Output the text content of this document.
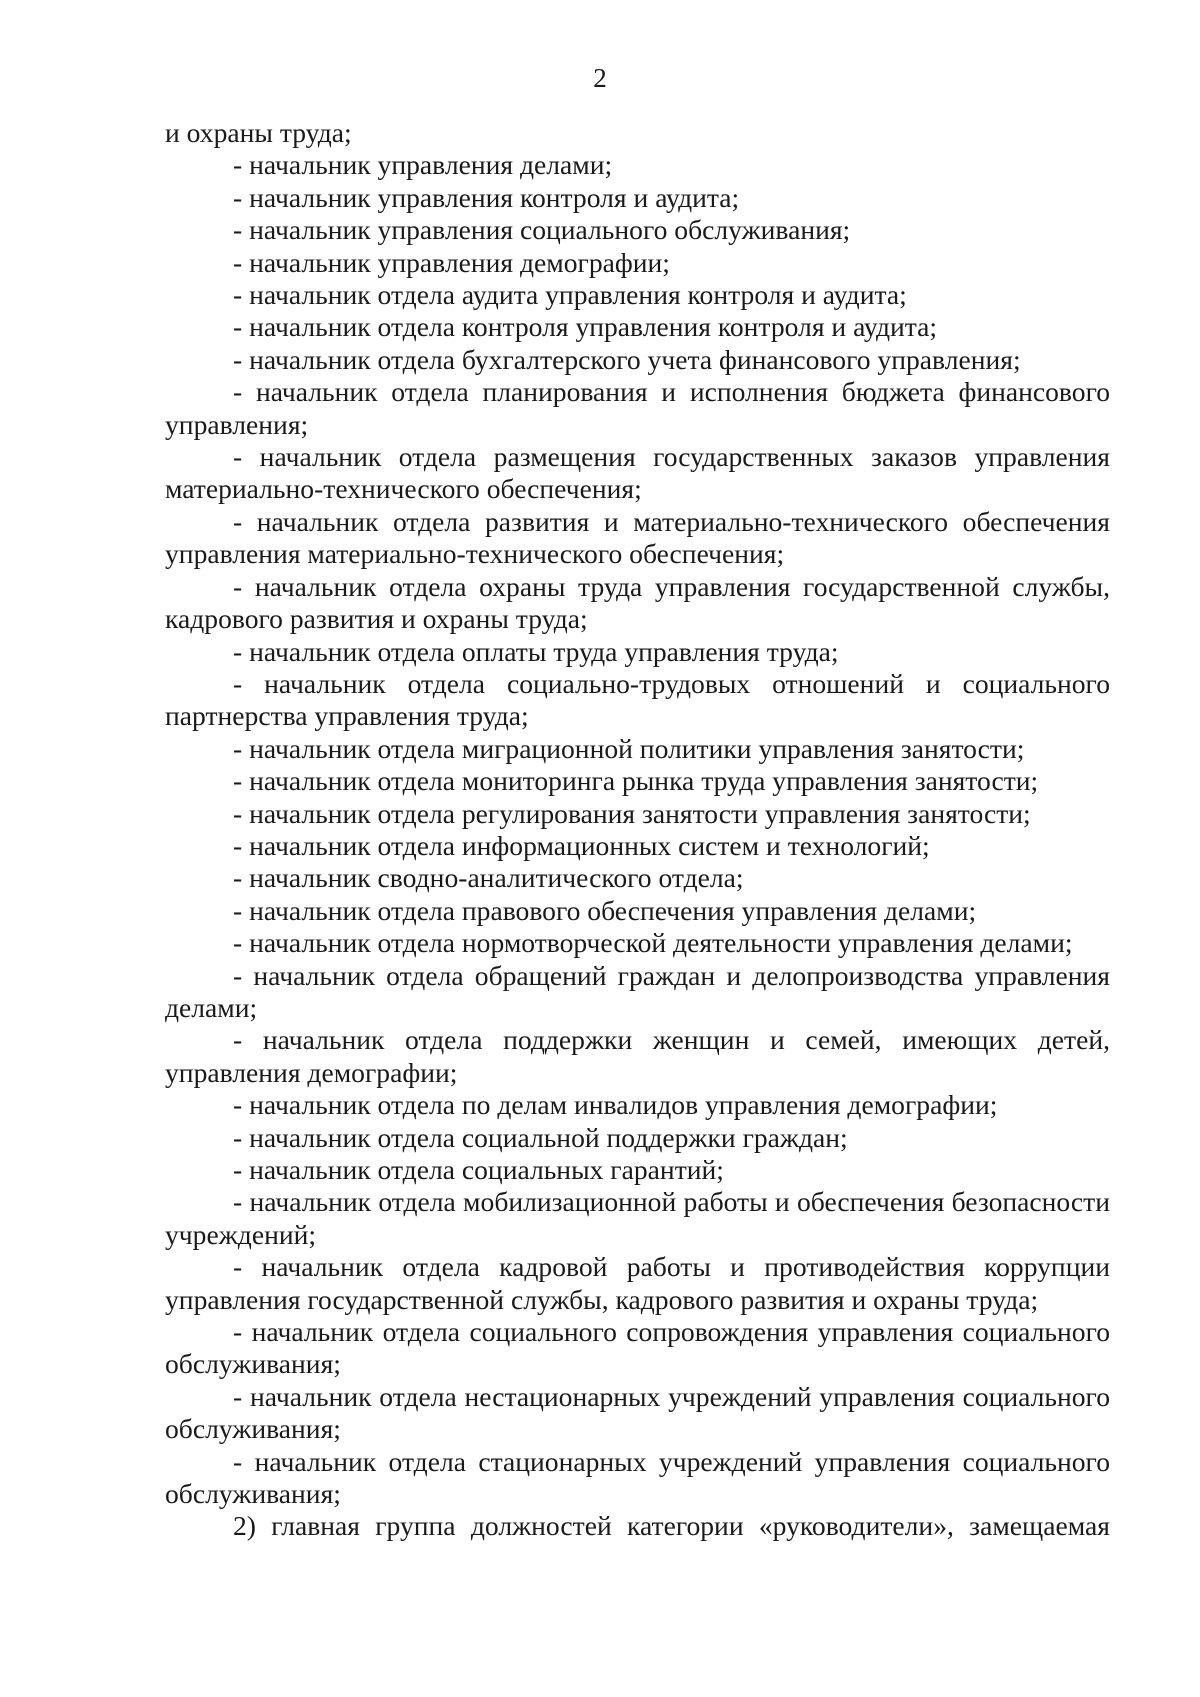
2

и охраны труда;

- начальник управления делами;

- начальник управления контроля и аудита;

- начальник управления социального обслуживания;

- начальник управления демографии;

- начальник отдела аудита управления контроля и аудита;

- начальник отдела контроля управления контроля и аудита;

- начальник отдела бухгалтерского учета финансового управления;

- начальник отдела планирования и исполнения бюджета финансового управления;

- начальник отдела размещения государственных заказов управления материально-технического обеспечения;

- начальник отдела развития и материально-технического обеспечения управления материально-технического обеспечения;

- начальник отдела охраны труда управления государственной службы, кадрового развития и охраны труда;

- начальник отдела оплаты труда управления труда;

- начальник отдела социально-трудовых отношений и социального партнерства управления труда;

- начальник отдела миграционной политики управления занятости;

- начальник отдела мониторинга рынка труда управления занятости;

- начальник отдела регулирования занятости управления занятости;

- начальник отдела информационных систем и технологий;

- начальник сводно-аналитического отдела;

- начальник отдела правового обеспечения управления делами;

- начальник отдела нормотворческой деятельности управления делами;

- начальник отдела обращений граждан и делопроизводства управления делами;

- начальник отдела поддержки женщин и семей, имеющих детей, управления демографии;

- начальник отдела по делам инвалидов управления демографии;

- начальник отдела социальной поддержки граждан;

- начальник отдела социальных гарантий;

- начальник отдела мобилизационной работы и обеспечения безопасности учреждений;

- начальник отдела кадровой работы и противодействия коррупции управления государственной службы, кадрового развития и охраны труда;

- начальник отдела социального сопровождения управления социального обслуживания;

- начальник отдела нестационарных учреждений управления социального обслуживания;

- начальник отдела стационарных учреждений управления социального обслуживания;

2) главная группа должностей категории «руководители», замещаемая
